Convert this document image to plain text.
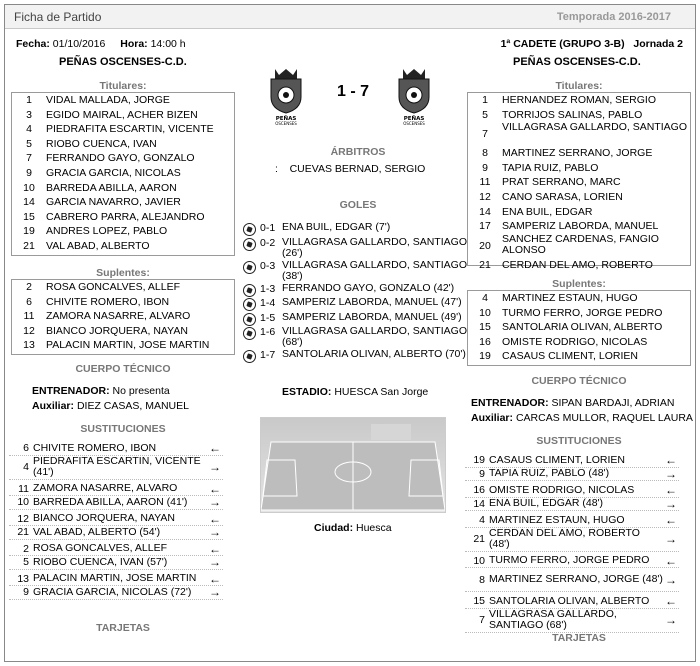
Ficha de Partido	Temporada 2016-2017
Fecha: 01/10/2016 Hora: 14:00 h	1ª CADETE (GRUPO 3-B) Jornada 2
PEÑAS OSCENSES-C.D.	PEÑAS OSCENSES-C.D.
PEÑAS
OSCENSES
1 - 7
PEÑAS
OSCENSES
Titulares:
1	VIDAL MALLADA, JORGE
3	EGIDO MAIRAL, ACHER BIZEN
4	PIEDRAFITA ESCARTIN, VICENTE
5	RIOBO CUENCA, IVAN
7	FERRANDO GAYO, GONZALO
9	GRACIA GARCIA, NICOLAS
10	BARREDA ABILLA, AARON
14	GARCIA NAVARRO, JAVIER
15	CABRERO PARRA, ALEJANDRO
19	ANDRES LOPEZ, PABLO
21	VAL ABAD, ALBERTO
Suplentes:
2	ROSA GONCALVES, ALLEF
6	CHIVITE ROMERO, IBON
11	ZAMORA NASARRE, ALVARO
12	BIANCO JORQUERA, NAYAN
13	PALACIN MARTIN, JOSE MARTIN
CUERPO TÉCNICO
ENTRENADOR: No presenta
Auxiliar: DIEZ CASAS, MANUEL
SUSTITUCIONES
6 CHIVITE ROMERO, IBON	←
4 PIEDRAFITA ESCARTIN, VICENTE (41')	→
11 ZAMORA NASARRE, ALVARO	←
10 BARREDA ABILLA, AARON (41')	→
12 BIANCO JORQUERA, NAYAN	←
21 VAL ABAD, ALBERTO (54')	→
2 ROSA GONCALVES, ALLEF	←
5 RIOBO CUENCA, IVAN (57')	→
13 PALACIN MARTIN, JOSE MARTIN	←
9 GRACIA GARCIA, NICOLAS (72')	→
TARJETAS
ÁRBITROS
: CUEVAS BERNAD, SERGIO
GOLES
0-1 ENA BUIL, EDGAR (7')
0-2 VILLAGRASA GALLARDO, SANTIAGO (26')
0-3 VILLAGRASA GALLARDO, SANTIAGO (38')
1-3 FERRANDO GAYO, GONZALO (42')
1-4 SAMPERIZ LABORDA, MANUEL (47')
1-5 SAMPERIZ LABORDA, MANUEL (49')
1-6 VILLAGRASA GALLARDO, SANTIAGO (68')
1-7 SANTOLARIA OLIVAN, ALBERTO (70')
ESTADIO: HUESCA San Jorge
Ciudad: Huesca
Titulares:
1	HERNANDEZ ROMAN, SERGIO
5	TORRIJOS SALINAS, PABLO
7
VILLAGRASA GALLARDO, SANTIAGO
8	MARTINEZ SERRANO, JORGE
9	TAPIA RUIZ, PABLO
11	PRAT SERRANO, MARC
12	CANO SARASA, LORIEN
14	ENA BUIL, EDGAR
17	SAMPERIZ LABORDA, MANUEL
20
SANCHEZ CARDENAS, FANGIO ALONSO
21	CERDAN DEL AMO, ROBERTO
Suplentes:
4	MARTINEZ ESTAUN, HUGO
10	TURMO FERRO, JORGE PEDRO
15	SANTOLARIA OLIVAN, ALBERTO
16	OMISTE RODRIGO, NICOLAS
19	CASAUS CLIMENT, LORIEN
CUERPO TÉCNICO
ENTRENADOR: SIPAN BARDAJI, ADRIAN
Auxiliar: CARCAS MULLOR, RAQUEL LAURA
SUSTITUCIONES
19 CASAUS CLIMENT, LORIEN	←
9 TAPIA RUIZ, PABLO (48')	→
16 OMISTE RODRIGO, NICOLAS	←
14 ENA BUIL, EDGAR (48')	→
4 MARTINEZ ESTAUN, HUGO	←
21 CERDAN DEL AMO, ROBERTO (48')	→
10 TURMO FERRO, JORGE PEDRO	←
8 MARTINEZ SERRANO, JORGE (48') →
15 SANTOLARIA OLIVAN, ALBERTO	←
7 VILLAGRASA GALLARDO, SANTIAGO (68')	→
TARJETAS
